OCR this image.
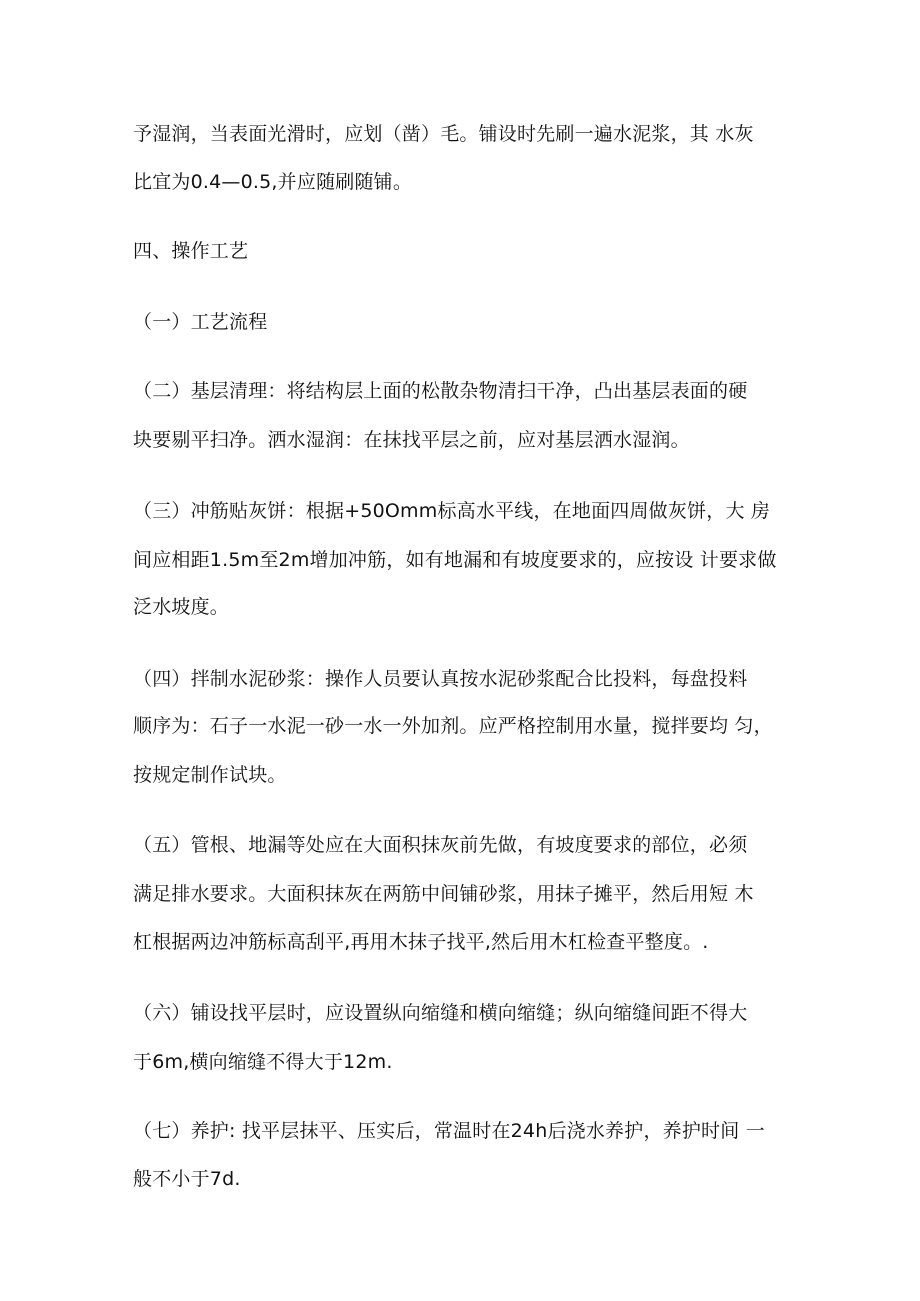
予湿润，当表面光滑时，应划（凿）毛。铺设时先刷一遍水泥浆，其 水灰
比宜为0.4—0.5,并应随刷随铺。
四、操作工艺
（一）工艺流程
（二）基层清理：将结构层上面的松散杂物清扫干净，凸出基层表面的硬
块要剔平扫净。洒水湿润：在抹找平层之前，应对基层洒水湿润。
（三）冲筋贴灰饼：根据+50Omm标高水平线，在地面四周做灰饼，大 房
间应相距1.5m至2m增加冲筋，如有地漏和有坡度要求的，应按设 计要求做
泛水坡度。
（四）拌制水泥砂浆：操作人员要认真按水泥砂浆配合比投料，每盘投料
顺序为：石子一水泥一砂一水一外加剂。应严格控制用水量，搅拌要均 匀，
按规定制作试块。
（五）管根、地漏等处应在大面积抹灰前先做，有坡度要求的部位，必须
满足排水要求。大面积抹灰在两筋中间铺砂浆，用抹子摊平，然后用短 木
杠根据两边冲筋标高刮平,再用木抹子找平,然后用木杠检查平整度。.
（六）铺设找平层时，应设置纵向缩缝和横向缩缝；纵向缩缝间距不得大
于6m,横向缩缝不得大于12m.
（七）养护: 找平层抹平、压实后，常温时在24h后浇水养护，养护时间 一
般不小于7d.
